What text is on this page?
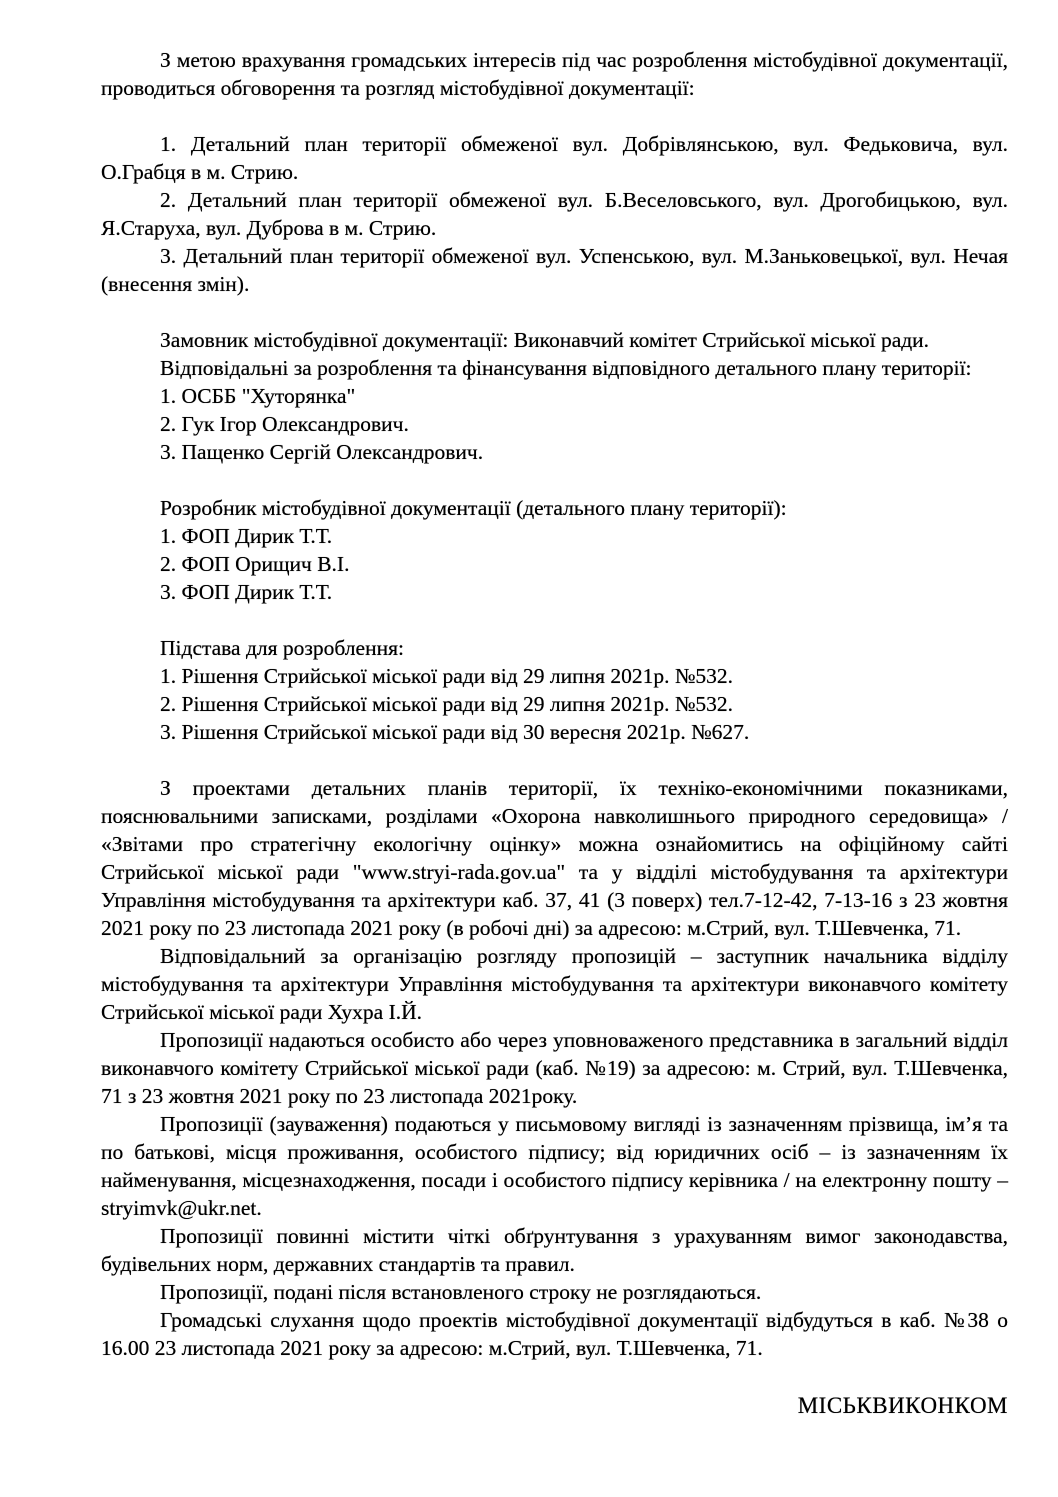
З метою врахування громадських інтересів під час розроблення містобудівної документації, проводиться обговорення та розгляд містобудівної документації:

1. Детальний план території обмеженої вул. Добрівлянською, вул. Федьковича, вул. О.Грабця в м. Стрию.

2. Детальний план території обмеженої вул. Б.Веселовського, вул. Дрогобицькою, вул. Я.Старуха, вул. Дуброва в м. Стрию.

3. Детальний план території обмеженої вул. Успенською, вул. М.Заньковецької, вул. Нечая (внесення змін).

Замовник містобудівної документації: Виконавчий комітет Стрийської міської ради.

Відповідальні за розроблення та фінансування відповідного детального плану території:

1. ОСББ "Хуторянка"

2. Гук Ігор Олександрович.

3. Пащенко Сергій Олександрович.

Розробник містобудівної документації (детального плану території):

1. ФОП Дирик Т.Т.

2. ФОП Орищич В.І.

3. ФОП Дирик Т.Т.

Підстава для розроблення:

1. Рішення Стрийської міської ради від 29 липня 2021р. №532.

2. Рішення Стрийської міської ради від 29 липня 2021р. №532.

3. Рішення Стрийської міської ради від 30 вересня 2021р. №627.

З проектами детальних планів території, їх техніко-економічними показниками, пояснювальними записками, розділами «Охорона навколишнього природного середовища» / «Звітами про стратегічну екологічну оцінку» можна ознайомитись на офіційному сайті Стрийської міської ради "www.stryi-rada.gov.ua" та у відділі містобудування та архітектури Управління містобудування та архітектури каб. 37, 41 (3 поверх) тел.7-12-42, 7-13-16 з 23 жовтня 2021 року по 23 листопада 2021 року (в робочі дні) за адресою: м.Стрий, вул. Т.Шевченка, 71.

Відповідальний за організацію розгляду пропозицій – заступник начальника відділу містобудування та архітектури Управління містобудування та архітектури виконавчого комітету Стрийської міської ради Хухра І.Й.

Пропозиції надаються особисто або через уповноваженого представника в загальний відділ виконавчого комітету Стрийської міської ради (каб. №19) за адресою: м. Стрий, вул. Т.Шевченка, 71 з 23 жовтня 2021 року по 23 листопада 2021року.

Пропозиції (зауваження) подаються у письмовому вигляді із зазначенням прізвища, ім’я та по батькові, місця проживання, особистого підпису; від юридичних осіб – із зазначенням їх найменування, місцезнаходження, посади і особистого підпису керівника / на електронну пошту – stryimvk@ukr.net.

Пропозиції повинні містити чіткі обґрунтування з урахуванням вимог законодавства, будівельних норм, державних стандартів та правил.

Пропозиції, подані після встановленого строку не розглядаються.

Громадські слухання щодо проектів містобудівної документації відбудуться в каб. №38 о 16.00 23 листопада 2021 року за адресою: м.Стрий, вул. Т.Шевченка, 71.

МІСЬКВИКОНКОМ
